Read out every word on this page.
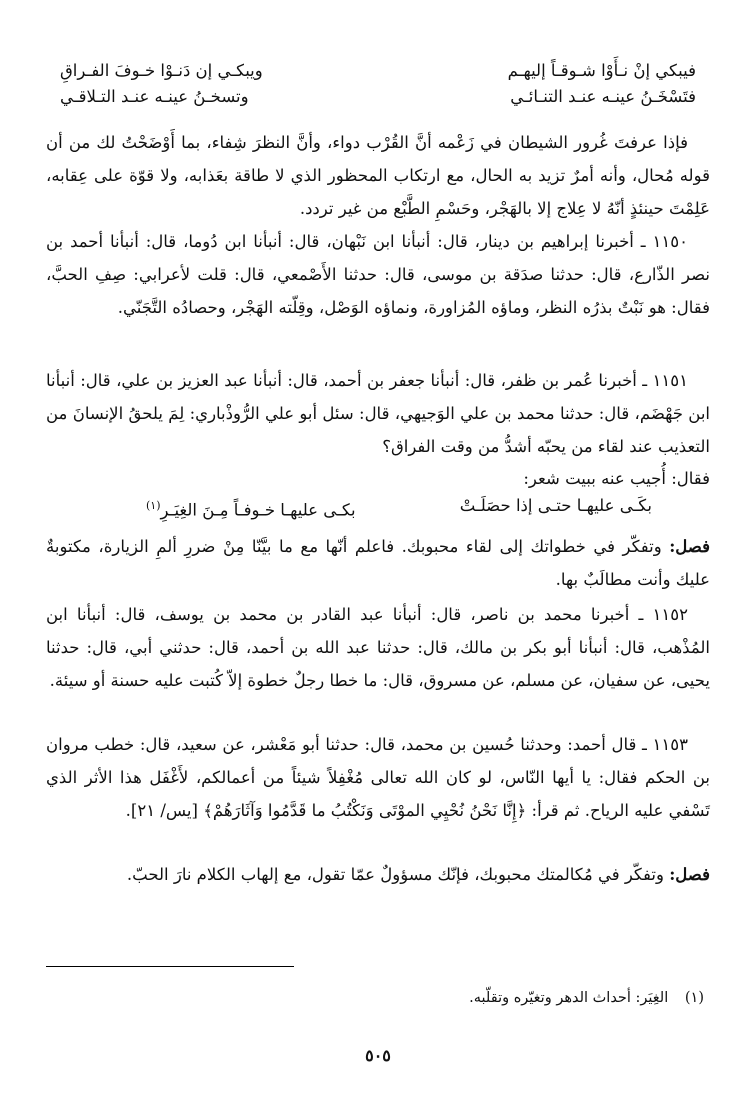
فيبكي إنْ نـأَوْا شـوقـاً إليهـم
ويبكـي إن دَنـوْا خـوفَ الفـراقِ
فتَسْخَـنُ عينـه عنـد التنـائـي
وتسخـنُ عينـه عنـد التـلاقـي

فإذا عرفتَ غُرور الشيطان في زَعْمه أنَّ القُرْب دواء، وأنَّ النظرَ شِفاء، بما أَوْضَحْتُ لك من أن قوله مُحال، وأنه أمرٌ تزيد به الحال، مع ارتكاب المحظور الذي لا طاقة بعَذابه، ولا قوّة على عِقابه، عَلِمْتَ حينئذٍ أنّهُ لا عِلاج إلا بالهَجْر، وحَسْمِ الطَّبْع من غير تردد.

١١٥٠ ـ أخبرنا إبراهيم بن دينار، قال: أنبأنا ابن نَبْهان، قال: أنبأنا ابن دُوما، قال: أنبأنا أحمد بن نصر الذّارع، قال: حدثنا صدَقة بن موسى، قال: حدثنا الأَصْمعي، قال: قلت لأعرابي: صِفِ الحبَّ، فقال: هو نَبْتٌ بذرُه النظر، وماؤه المُزاورة، ونماؤه الوَصْل، وقِلّته الهَجْر، وحصادُه التَّجَنّي.

١١٥١ ـ أخبرنا عُمر بن ظفر، قال: أنبأنا جعفر بن أحمد، قال: أنبأنا عبد العزيز بن علي، قال: أنبأنا ابن جَهْضَم، قال: حدثنا محمد بن علي الوَجيهي، قال: سئل أبو علي الرُّوذْباري: لِمَ يلحقُ الإنسانَ من التعذيب عند لقاء من يحبّه أشدُّ من وقت الفراق؟

فقال: أُجيب عنه ببيت شعر:

بكَـى عليهـا حتـى إذا حصَلَـتْ
بكـى عليهـا خـوفـاً مِـنَ الغِيَـرِ$^{(١)}$

فصل: وتفكّر في خطواتك إلى لقاء محبوبك. فاعلم أنّها مع ما بيَّنّا مِنْ ضررِ ألمِ الزيارة، مكتوبةٌ عليك وأنت مطالَبٌ بها.

١١٥٢ ـ أخبرنا محمد بن ناصر، قال: أنبأنا عبد القادر بن محمد بن يوسف، قال: أنبأنا ابن المُذْهب، قال: أنبأنا أبو بكر بن مالك، قال: حدثنا عبد الله بن أحمد، قال: حدثني أبي، قال: حدثنا يحيى، عن سفيان، عن مسلم، عن مسروق، قال: ما خطا رجلٌ خطوة إلاّ كُتبت عليه حسنة أو سيئة.

١١٥٣ ـ قال أحمد: وحدثنا حُسين بن محمد، قال: حدثنا أبو مَعْشر، عن سعيد، قال: خطب مروان بن الحكم فقال: يا أيها النّاس، لو كان الله تعالى مُغْفِلاً شيئاً من أعمالكم، لأَغْفَل هذا الأثر الذي تَسْفي عليه الرياح. ثم قرأ: ﴿إِنَّا نَحْنُ نُحْيِي الموْتَى وَنَكْتُبُ ما قَدَّمُوا وَآثَارَهُمْ﴾ [يس/ ٢١].

فصل: وتفكّر في مُكالمتك محبوبك، فإنّك مسؤولٌ عمّا تقول، مع إلهاب الكلام نارَ الحبّ.

(١) الغِيَر: أحداث الدهر وتغيّره وتقلّبه.
٥٠٥
